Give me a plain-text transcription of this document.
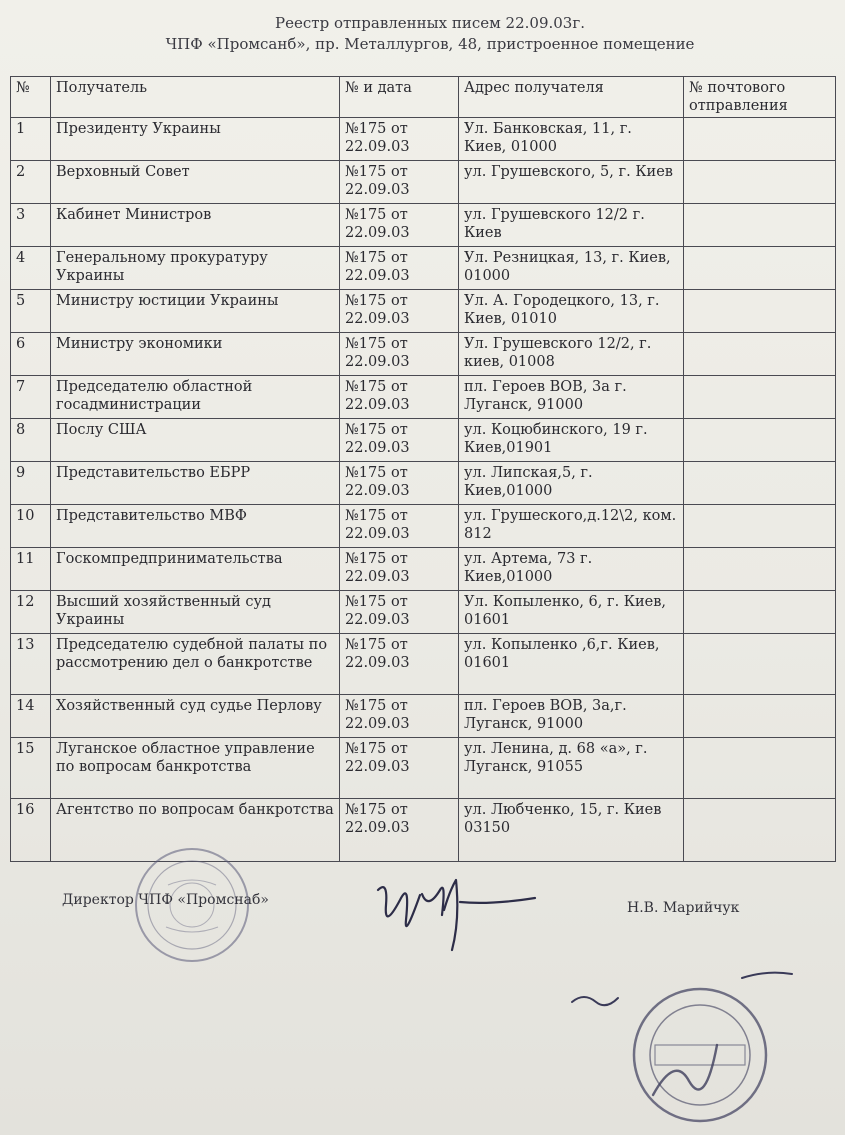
Реестр отправленных писем 22.09.03г.
ЧПФ «Промсанб», пр. Металлургов, 48, пристроенное помещение
№	Получатель	№ и дата	Адрес получателя	№ почтового отправления
1	Президенту Украины	№175 от 22.09.03	Ул. Банковская, 11, г. Киев, 01000	
2	Верховный Совет	№175 от 22.09.03	ул. Грушевского, 5, г. Киев	
3	Кабинет Министров	№175 от 22.09.03	ул. Грушевского 12/2 г. Киев	
4	Генеральному прокуратуру Украины	№175 от 22.09.03	Ул. Резницкая, 13, г. Киев, 01000	
5	Министру юстиции Украины	№175 от 22.09.03	Ул. А. Городецкого, 13, г. Киев, 01010	
6	Министру экономики	№175 от 22.09.03	Ул. Грушевского 12/2, г. киев, 01008	
7	Председателю областной госадминистрации	№175 от 22.09.03	пл. Героев ВОВ, 3а г. Луганск, 91000	
8	Послу США	№175 от 22.09.03	ул. Коцюбинского, 19 г. Киев,01901	
9	Представительство ЕБРР	№175 от 22.09.03	ул. Липская,5, г. Киев,01000	
10	Представительство МВФ	№175 от 22.09.03	ул. Грушеского,д.12\2, ком. 812	
11	Госкомпредпринимательства	№175 от 22.09.03	ул. Артема, 73 г. Киев,01000	
12	Высший хозяйственный суд Украины	№175 от 22.09.03	Ул. Копыленко, 6, г. Киев, 01601	
13	Председателю судебной палаты по рассмотрению дел о банкротстве	№175 от 22.09.03	ул. Копыленко ,6,г. Киев, 01601	
14	Хозяйственный суд судье Перлову	№175 от 22.09.03	пл. Героев ВОВ, 3а,г. Луганск, 91000	
15	Луганское областное управление по вопросам банкротства	№175 от 22.09.03	ул. Ленина, д. 68 «а», г. Луганск, 91055	
16	Агентство по вопросам банкротства	№175 от 22.09.03	ул. Любченко, 15, г. Киев 03150	
Директор ЧПФ «Промснаб»	Н.В. Марийчук
